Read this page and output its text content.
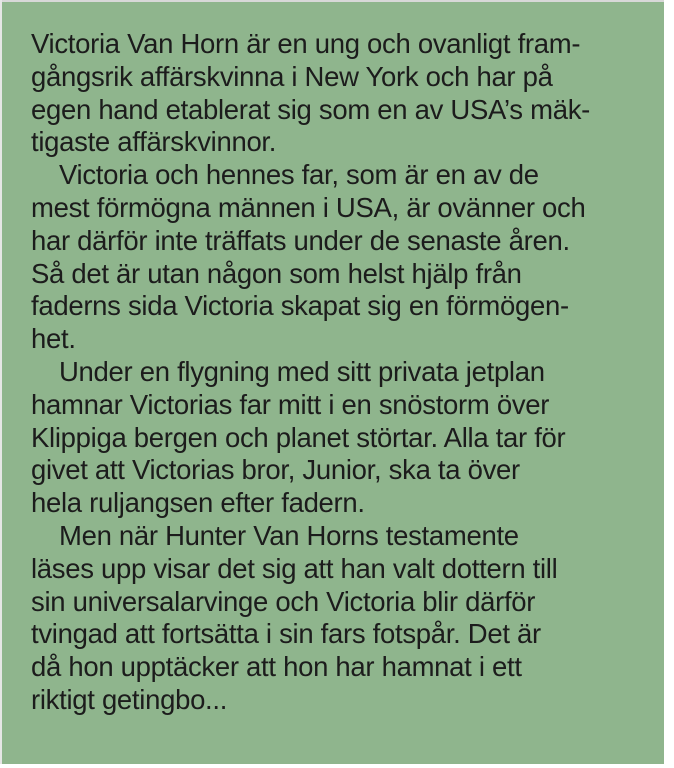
Victoria Van Horn är en ung och ovanligt fram-
gångsrik affärskvinna i New York och har på
egen hand etablerat sig som en av USA’s mäk-
tigaste affärskvinnor.
Victoria och hennes far, som är en av de
mest förmögna männen i USA, är ovänner och
har därför inte träffats under de senaste åren.
Så det är utan någon som helst hjälp från
faderns sida Victoria skapat sig en förmögen-
het.
Under en flygning med sitt privata jetplan
hamnar Victorias far mitt i en snöstorm över
Klippiga bergen och planet störtar. Alla tar för
givet att Victorias bror, Junior, ska ta över
hela ruljangsen efter fadern.
Men när Hunter Van Horns testamente
läses upp visar det sig att han valt dottern till
sin universalarvinge och Victoria blir därför
tvingad att fortsätta i sin fars fotspår. Det är
då hon upptäcker att hon har hamnat i ett
riktigt getingbo...
